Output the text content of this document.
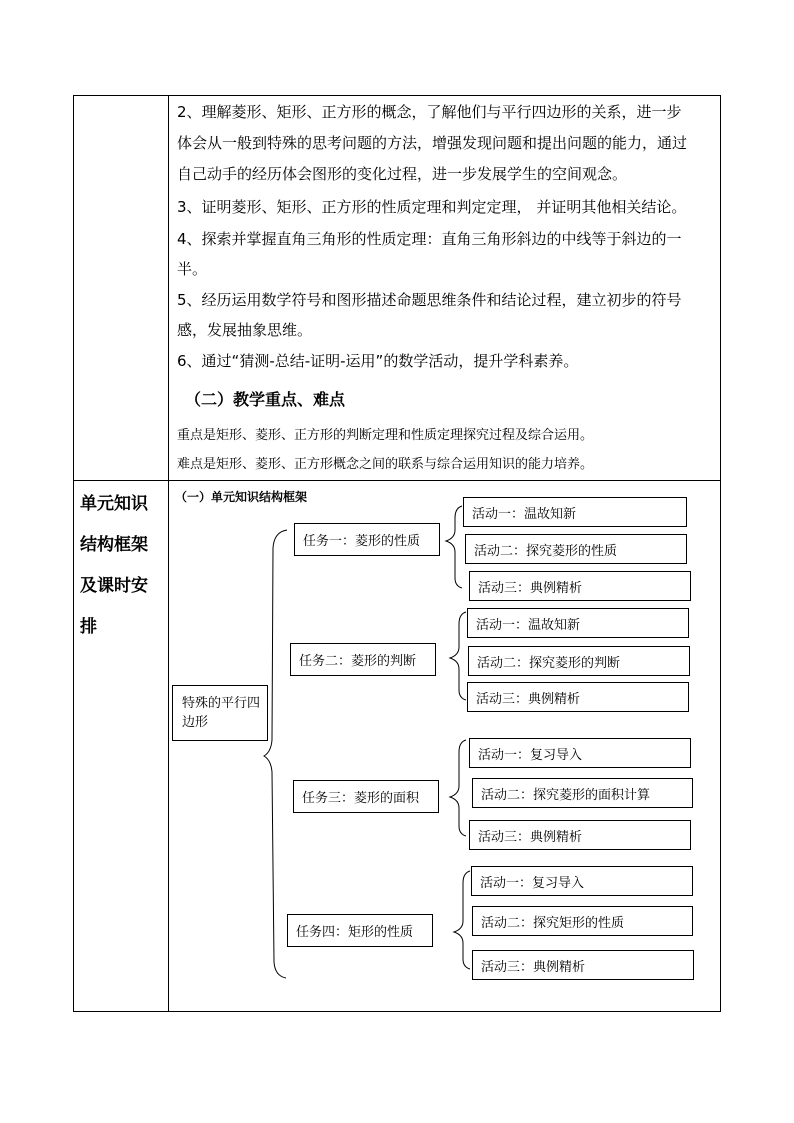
2、理解菱形、矩形、正方形的概念，了解他们与平行四边形的关系，进一步
体会从一般到特殊的思考问题的方法，增强发现问题和提出问题的能力，通过
自己动手的经历体会图形的变化过程，进一步发展学生的空间观念。
3、证明菱形、矩形、正方形的性质定理和判定定理， 并证明其他相关结论。
4、探索并掌握直角三角形的性质定理：直角三角形斜边的中线等于斜边的一
半。
5、经历运用数学符号和图形描述命题思维条件和结论过程，建立初步的符号
感，发展抽象思维。
6、通过“猜测-总结-证明-运用”的数学活动，提升学科素养。
（二）教学重点、难点
重点是矩形、菱形、正方形的判断定理和性质定理探究过程及综合运用。
难点是矩形、菱形、正方形概念之间的联系与综合运用知识的能力培养。
单元知识
结构框架
及课时安
排
（一）单元知识结构框架
特殊的平行四边形
任务一：菱形的性质
任务二：菱形的判断
任务三：菱形的面积
任务四：矩形的性质
活动一：温故知新
活动二：探究菱形的性质
活动三：典例精析
活动一：温故知新
活动二：探究菱形的判断
活动三：典例精析
活动一：复习导入
活动二：探究菱形的面积计算
活动三：典例精析
活动一：复习导入
活动二：探究矩形的性质
活动三：典例精析
